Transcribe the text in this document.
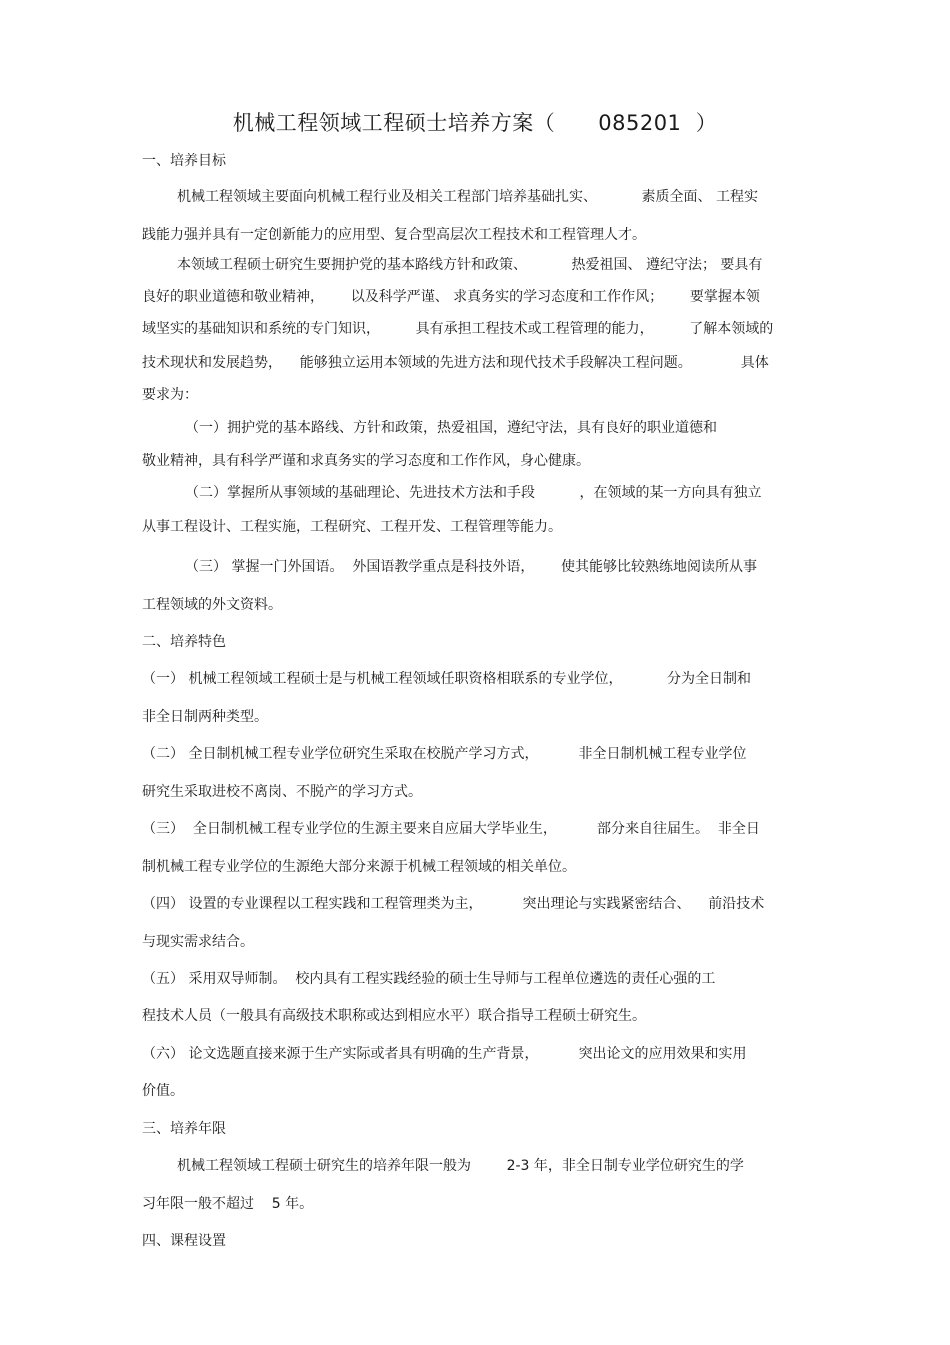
机械工程领域工程硕士培养方案（      085201  ）
一、培养目标
机械工程领域主要面向机械工程行业及相关工程部门培养基础扎实、          素质全面、 工程实
践能力强并具有一定创新能力的应用型、复合型高层次工程技术和工程管理人才。
本领域工程硕士研究生要拥护党的基本路线方针和政策、          热爱祖国、 遵纪守法； 要具有
良好的职业道德和敬业精神，      以及科学严谨、 求真务实的学习态度和工作作风；      要掌握本领
域坚实的基础知识和系统的专门知识，        具有承担工程技术或工程管理的能力，        了解本领域的
技术现状和发展趋势，    能够独立运用本领域的先进方法和现代技术手段解决工程问题。           具体
要求为：
（一）拥护党的基本路线、方针和政策，热爱祖国，遵纪守法，具有良好的职业道德和
敬业精神，具有科学严谨和求真务实的学习态度和工作作风，身心健康。
（二）掌握所从事领域的基础理论、先进技术方法和手段          ，在领域的某一方向具有独立
从事工程设计、工程实施，工程研究、工程开发、工程管理等能力。
（三） 掌握一门外国语。  外国语教学重点是科技外语，      使其能够比较熟练地阅读所从事
工程领域的外文资料。
二、培养特色
（一） 机械工程领域工程硕士是与机械工程领域任职资格相联系的专业学位，          分为全日制和
非全日制两种类型。
（二） 全日制机械工程专业学位研究生采取在校脱产学习方式，         非全日制机械工程专业学位
研究生采取进校不离岗、不脱产的学习方式。
（三）  全日制机械工程专业学位的生源主要来自应届大学毕业生，         部分来自往届生。  非全日
制机械工程专业学位的生源绝大部分来源于机械工程领域的相关单位。
（四） 设置的专业课程以工程实践和工程管理类为主，         突出理论与实践紧密结合、    前沿技术
与现实需求结合。
（五） 采用双导师制。  校内具有工程实践经验的硕士生导师与工程单位遴选的责任心强的工
程技术人员（一般具有高级技术职称或达到相应水平）联合指导工程硕士研究生。
（六） 论文选题直接来源于生产实际或者具有明确的生产背景，         突出论文的应用效果和实用
价值。
三、培养年限
机械工程领域工程硕士研究生的培养年限一般为        2-3 年，非全日制专业学位研究生的学
习年限一般不超过    5 年。
四、课程设置
